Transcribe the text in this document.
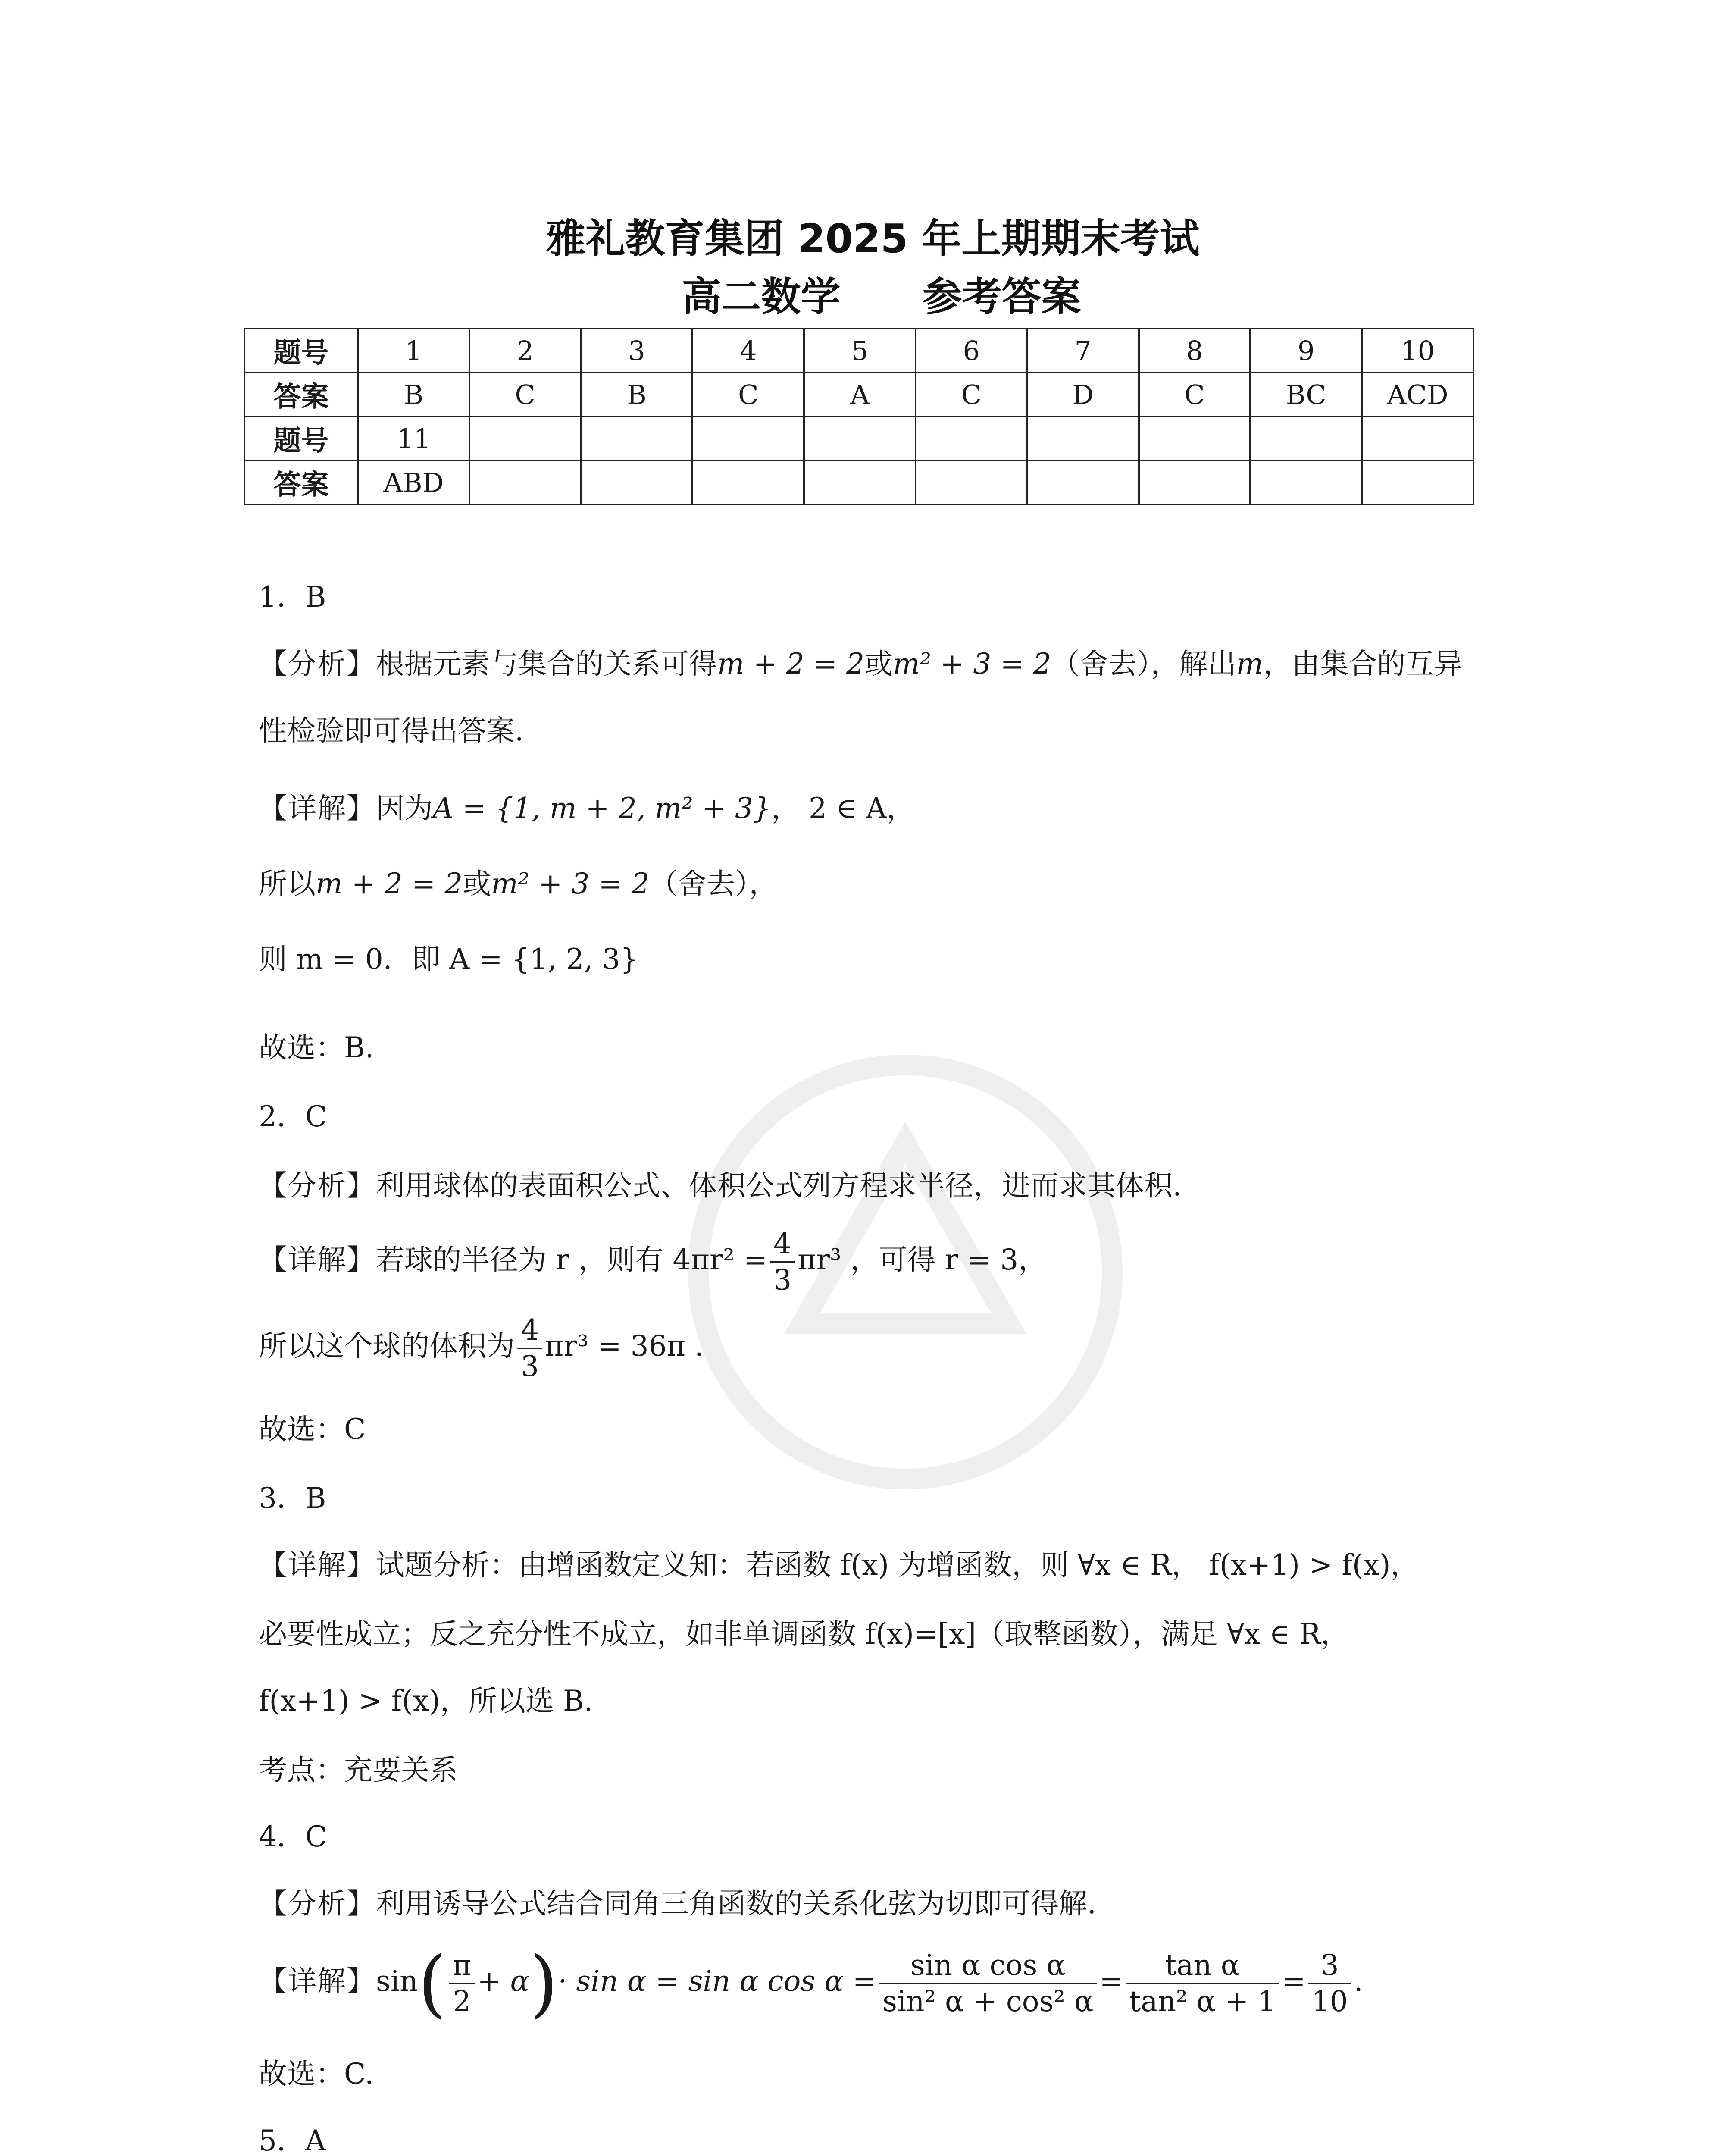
雅礼教育集团 2025 年上期期末考试
高二数学 参考答案
题号	1	2	3	4	5	6	7	8	9	10
答案	B	C	B	C	A	C	D	C	BC	ACD
题号	11									
答案	ABD									
1．B
【分析】根据元素与集合的关系可得m + 2 = 2或m² + 3 = 2（舍去），解出m，由集合的互异
性检验即可得出答案.
【详解】因为A = {1, m + 2, m² + 3}， 2 ∈ A，
所以m + 2 = 2或m² + 3 = 2（舍去），
则 m = 0．即 A = {1, 2, 3}
故选：B.
2．C
【分析】利用球体的表面积公式、体积公式列方程求半径，进而求其体积.
【详解】若球的半径为 r ，则有 $4\pi r^2 = \frac{4}{3} \pi r^3$ ，可得 r = 3，
所以这个球的体积为 $\frac{4}{3} \pi r^3 = 36\pi$ .
故选：C
3．B
【详解】试题分析：由增函数定义知：若函数 f(x) 为增函数，则 ∀x ∈ R， f(x+1) > f(x)，
必要性成立；反之充分性不成立，如非单调函数 f(x)=[x]（取整函数），满足 ∀x ∈ R，
f(x+1) > f(x)，所以选 B.
考点：充要关系
4．C
【分析】利用诱导公式结合同角三角函数的关系化弦为切即可得解.
【详解】$\sin( \frac{\pi}{2} + \alpha)\cdot \sin \alpha = \sin \alpha$ $\cos \alpha = \frac{\text{sin α cos α}}{\text{sin² α + cos² α}} = \frac{\text{tan α}}{\text{tan² α + 1}} = \frac{3}{10}$ .
故选：C.
5．A
